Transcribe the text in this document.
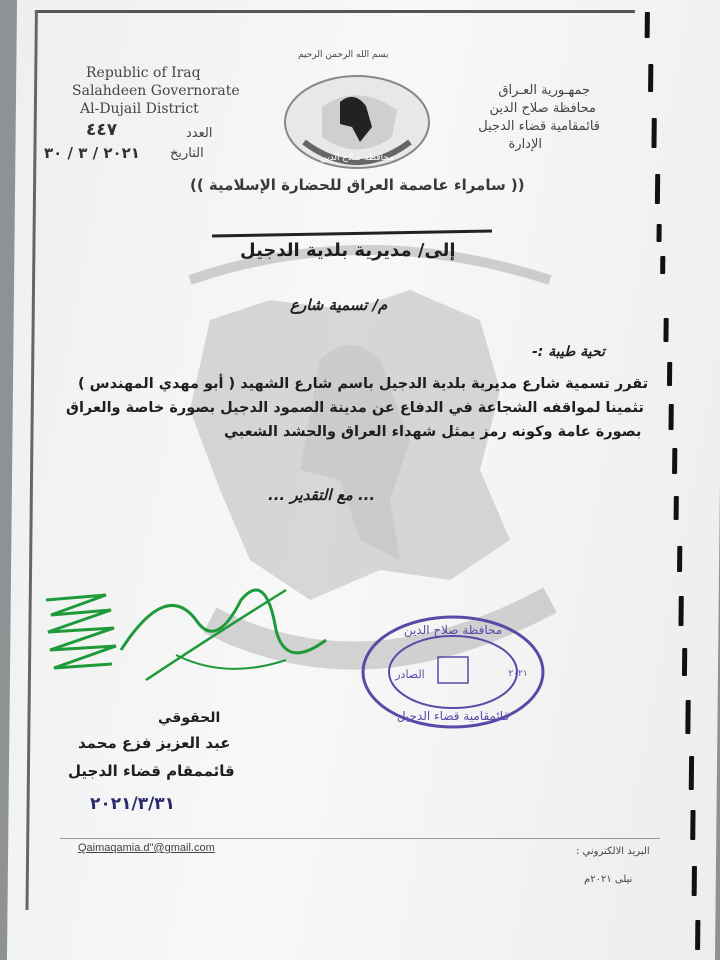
بسم الله الرحمن الرحيم
Republic of Iraq
Salahdeen Governorate
Al-Dujail District
جمهـورية العـراق
محافظة صلاح الدين
قائمقامية قضاء الدجيل
الإدارة
العدد
٤٤٧
التاريخ
٢٠٢١ / ٣ / ٣٠	محافظة صلاح الدين
(( سامراء عاصمة العراق للحضارة الإسلامية ))
إلى/ مديرية بلدية الدجيل
م/ تسمية شارع
تحية طيبة :-
تقرر تسمية شارع مديرية بلدية الدجيل باسم شارع الشهيد ( أبو مهدي المهندس )
تثمينا لمواقفه الشجاعة في الدفاع عن مدينة الصمود الدجيل بصورة خاصة والعراق
بصورة عامة وكونه رمز يمثل شهداء العراق والحشد الشعبي
... مع التقدير ...
محافظة صلاح الدين
الصادر	٢٠٢١
قائمقامية قضاء الدجيل
الحقوقي
عبد العزيز فزع محمد
قائممقام قضاء الدجيل
٢٠٢١/٣/٣١
Qaimaqamia.d"@gmail.com	البريد الالكتروني :
نيلى ٢٠٢١م
